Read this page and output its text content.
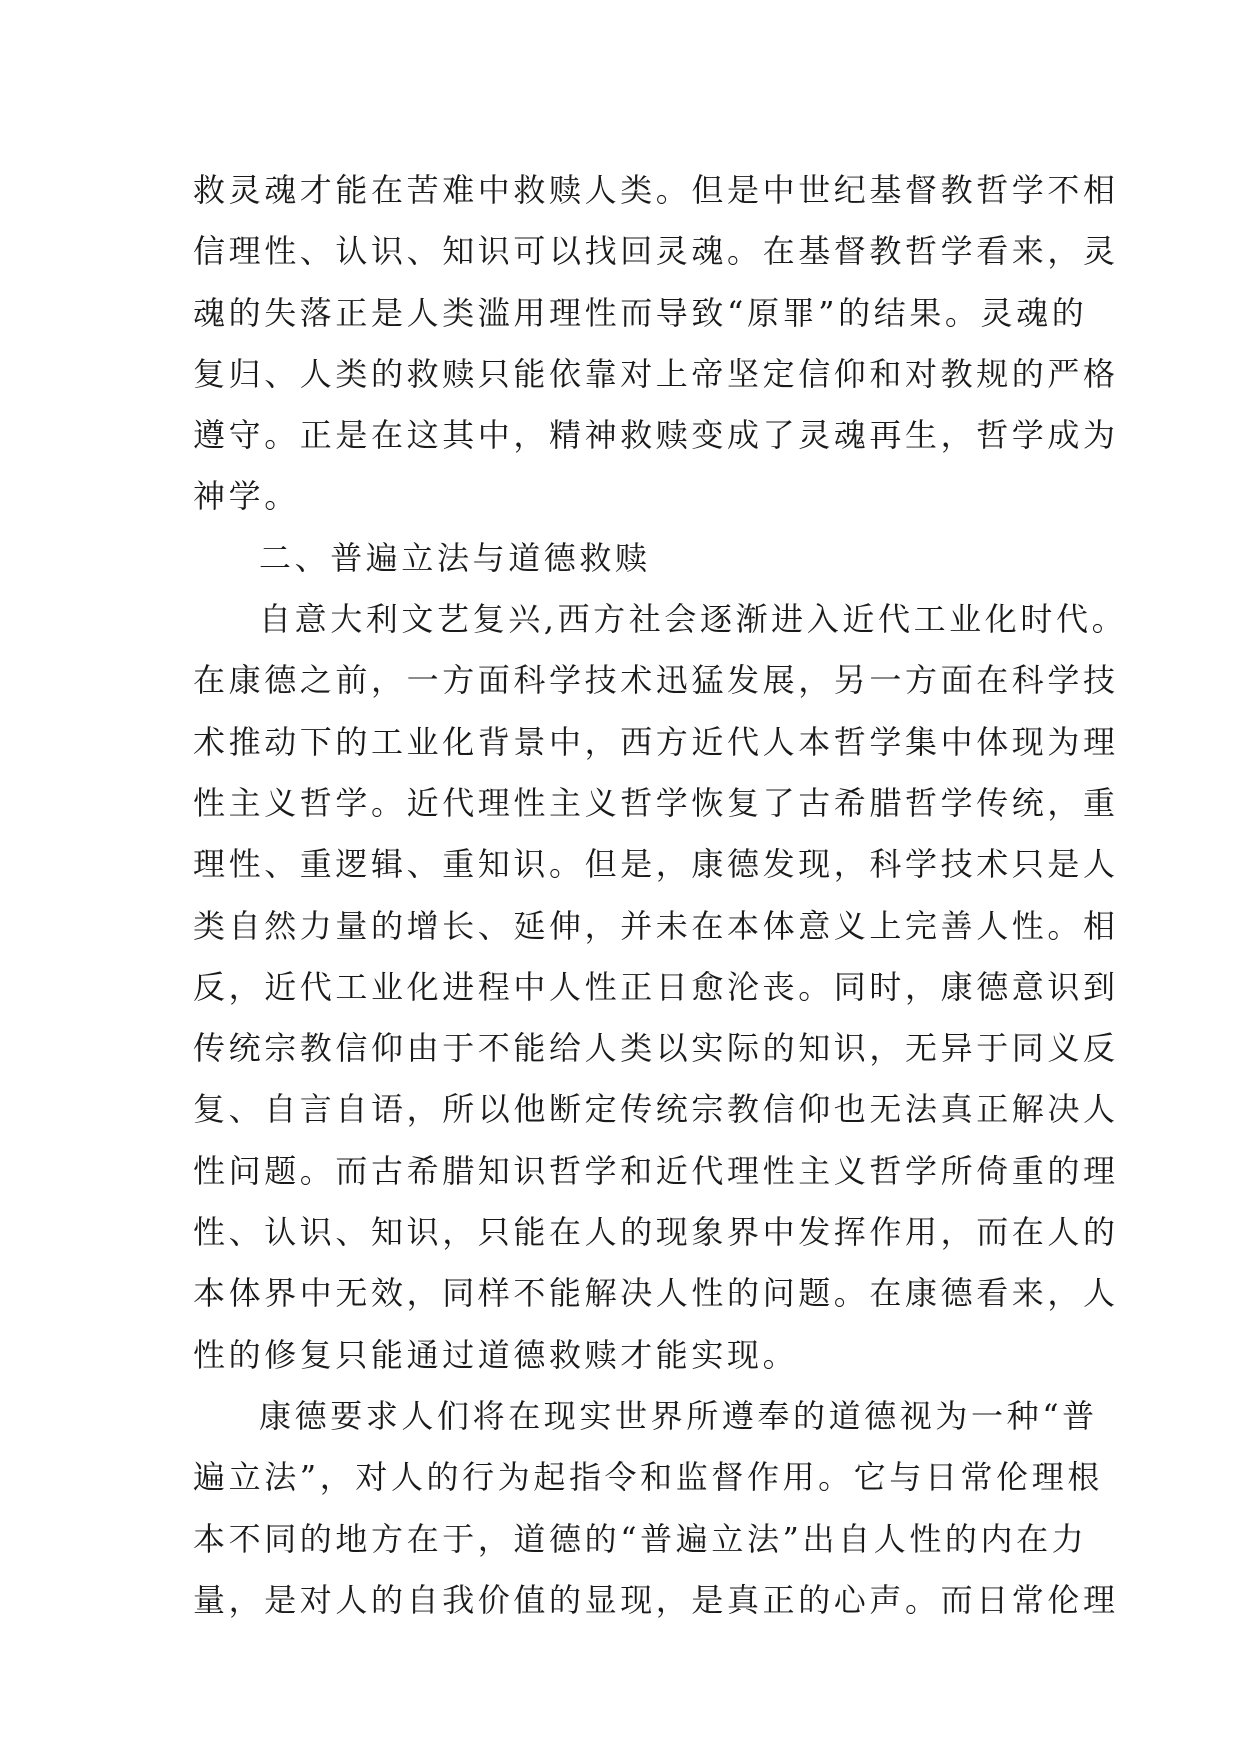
救灵魂才能在苦难中救赎人类。但是中世纪基督教哲学不相
信理性、认识、知识可以找回灵魂。在基督教哲学看来，灵
魂的失落正是人类滥用理性而导致“原罪”的结果。灵魂的
复归、人类的救赎只能依靠对上帝坚定信仰和对教规的严格
遵守。正是在这其中，精神救赎变成了灵魂再生，哲学成为
神学。
二、普遍立法与道德救赎
自意大利文艺复兴,西方社会逐渐进入近代工业化时代。
在康德之前，一方面科学技术迅猛发展，另一方面在科学技
术推动下的工业化背景中，西方近代人本哲学集中体现为理
性主义哲学。近代理性主义哲学恢复了古希腊哲学传统，重
理性、重逻辑、重知识。但是，康德发现，科学技术只是人
类自然力量的增长、延伸，并未在本体意义上完善人性。相
反，近代工业化进程中人性正日愈沦丧。同时，康德意识到
传统宗教信仰由于不能给人类以实际的知识，无异于同义反
复、自言自语，所以他断定传统宗教信仰也无法真正解决人
性问题。而古希腊知识哲学和近代理性主义哲学所倚重的理
性、认识、知识，只能在人的现象界中发挥作用，而在人的
本体界中无效，同样不能解决人性的问题。在康德看来，人
性的修复只能通过道德救赎才能实现。
康德要求人们将在现实世界所遵奉的道德视为一种“普
遍立法”，对人的行为起指令和监督作用。它与日常伦理根
本不同的地方在于，道德的“普遍立法”出自人性的内在力
量，是对人的自我价值的显现，是真正的心声。而日常伦理
